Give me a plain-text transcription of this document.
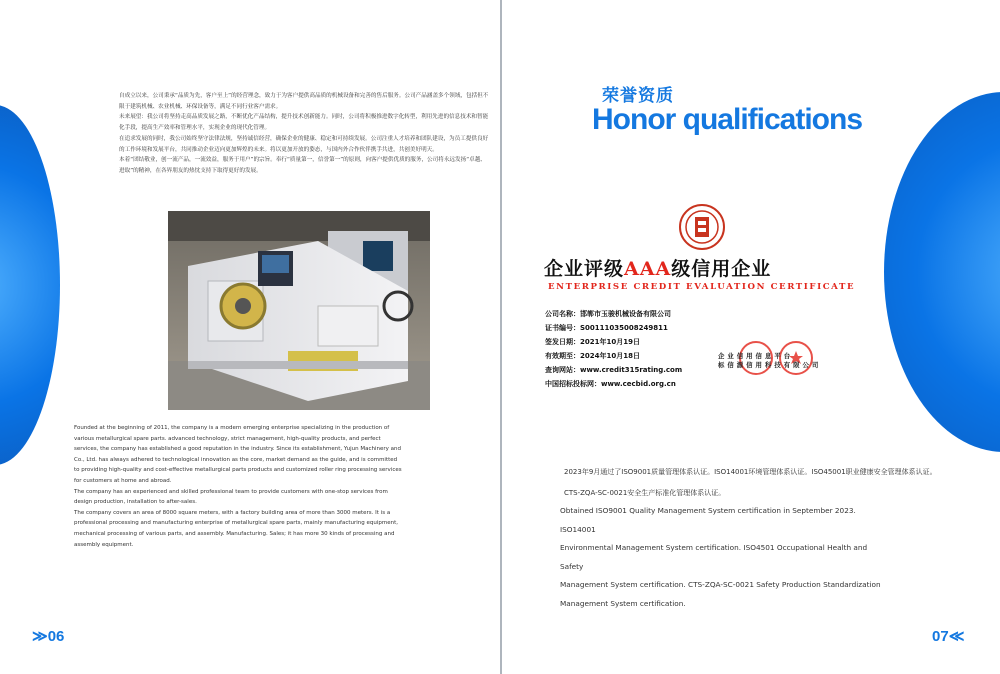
自成立以来，公司秉承“品质为先，客户至上”的经营理念，致力于为客户提供高品质的机械设备和完善的售后服务。公司产品涵盖多个领域，包括但不限于建筑机械、农业机械、环保设备等，满足不同行业客户需求。

未来展望：我公司将坚持走高品质发展之路，不断优化产品结构，提升技术创新能力。同时，公司将积极推进数字化转型，利用先进的信息技术和智能化手段，提高生产效率和管理水平，实现企业的现代化管理。

在追求发展的同时，我公司始终坚守法律法规，坚持诚信经营，确保企业的健康、稳定和可持续发展。公司注重人才培养和团队建设，为员工提供良好的工作环境和发展平台，共同推动企业迈向更加辉煌的未来。将以更加开放的姿态，与国内外合作伙伴携手共进，共创美好明天。

本着“团结敬业，创一流产品，一流效益，服务于用户”的宗旨。奉行“质量第一，信誉第一”的原则，向客户提供优质的服务，公司将永远发扬“卓越、进取”的精神，在各界朋友的热忱支持下取得更好的发展。

Founded at the beginning of 2011, the company is a modern emerging enterprise specializing in the production of various metallurgical spare parts. advanced technology, strict management, high-quality products, and perfect services, the company has established a good reputation in the industry. Since its establishment, Yujun Machinery and Co., Ltd. has always adhered to technological innovation as the core, market demand as the guide, and is committed to providing high-quality and cost-effective metallurgical parts products and customized roller ring processing services for customers at home and abroad.

The company has an experienced and skilled professional team to provide customers with one-stop services from design production, installation to after-sales.

The company covers an area of 8000 square meters, with a factory building area of more than 3000 meters. It is a professional processing and manufacturing enterprise of metallurgical spare parts, mainly manufacturing equipment, mechanical processing of various parts, and assembly. Manufacturing. Sales; it has more 30 kinds of processing and assembly equipment.

≫06
荣誉资质
Honor qualifications
企业评级AAA级信用企业
ENTERPRISE CREDIT EVALUATION CERTIFICATE
公司名称：邯郸市玉骏机械设备有限公司
证书编号：S00111035008249811
签发日期：2021年10月19日
有效期至：2024年10月18日
查询网站：www.credit315rating.com
中国招标投标网：www.cecbid.org.cn
企业信用信息平台
标信源信用科技有限公司

2023年9月通过了ISO9001质量管理体系认证。ISO14001环境管理体系认证。ISO45001职业健康安全管理体系认证。

CTS-ZQA-SC-0021安全生产标准化管理体系认证。

Obtained ISO9001 Quality Management System certification in September 2023. ISO14001

Environmental Management System certification. ISO4501 Occupational Health and Safety

Management System certification. CTS-ZQA-SC-0021 Safety Production Standardization

Management System certification.

07≪
